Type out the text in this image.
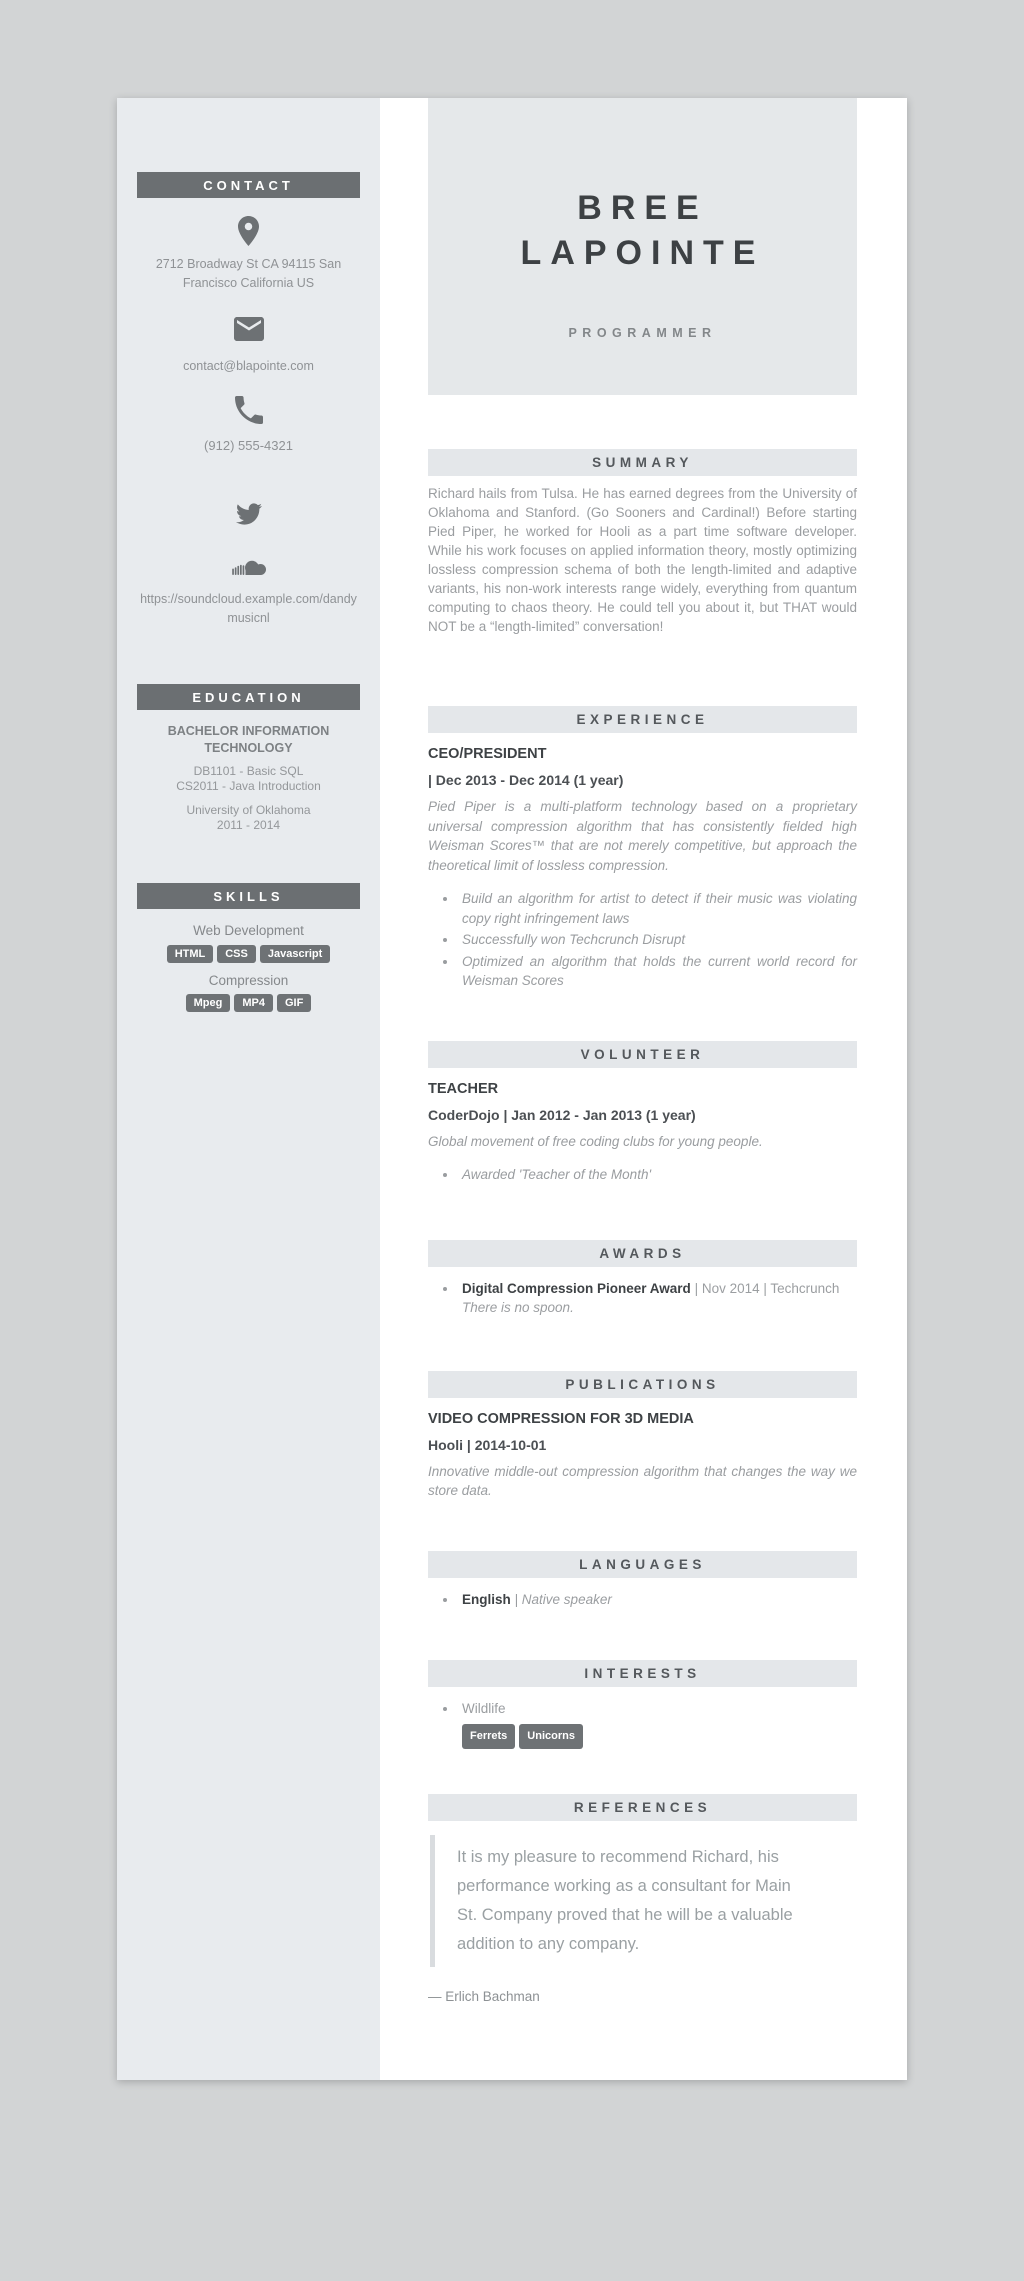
CONTACT
2712 Broadway St CA 94115 San Francisco California US
contact@blapointe.com
(912) 555-4321
https://soundcloud.example.com/dandymusicnl
EDUCATION
BACHELOR INFORMATION TECHNOLOGY
DB1101 - Basic SQL
CS2011 - Java Introduction
University of Oklahoma
2011 - 2014
SKILLS
Web Development
HTML CSS Javascript
Compression
Mpeg MP4 GIF
BREE LAPOINTE
PROGRAMMER
SUMMARY

Richard hails from Tulsa. He has earned degrees from the University of Oklahoma and Stanford. (Go Sooners and Cardinal!) Before starting Pied Piper, he worked for Hooli as a part time software developer. While his work focuses on applied information theory, mostly optimizing lossless compression schema of both the length-limited and adaptive variants, his non-work interests range widely, everything from quantum computing to chaos theory. He could tell you about it, but THAT would NOT be a “length-limited” conversation!

EXPERIENCE
CEO/PRESIDENT
| Dec 2013 - Dec 2014 (1 year)

Pied Piper is a multi-platform technology based on a proprietary universal compression algorithm that has consistently fielded high Weisman Scores™ that are not merely competitive, but approach the theoretical limit of lossless compression.

• Build an algorithm for artist to detect if their music was violating copy right infringement laws
• Successfully won Techcrunch Disrupt
• Optimized an algorithm that holds the current world record for Weisman Scores
VOLUNTEER
TEACHER
CoderDojo | Jan 2012 - Jan 2013 (1 year)

Global movement of free coding clubs for young people.

• Awarded 'Teacher of the Month'
AWARDS
• Digital Compression Pioneer Award | Nov 2014 | Techcrunch
There is no spoon.
PUBLICATIONS
VIDEO COMPRESSION FOR 3D MEDIA
Hooli | 2014-10-01

Innovative middle-out compression algorithm that changes the way we store data.

LANGUAGES
• English | Native speaker
INTERESTS
• Wildlife
Ferrets Unicorns
REFERENCES
It is my pleasure to recommend Richard, his performance working as a consultant for Main St. Company proved that he will be a valuable addition to any company.
— Erlich Bachman
